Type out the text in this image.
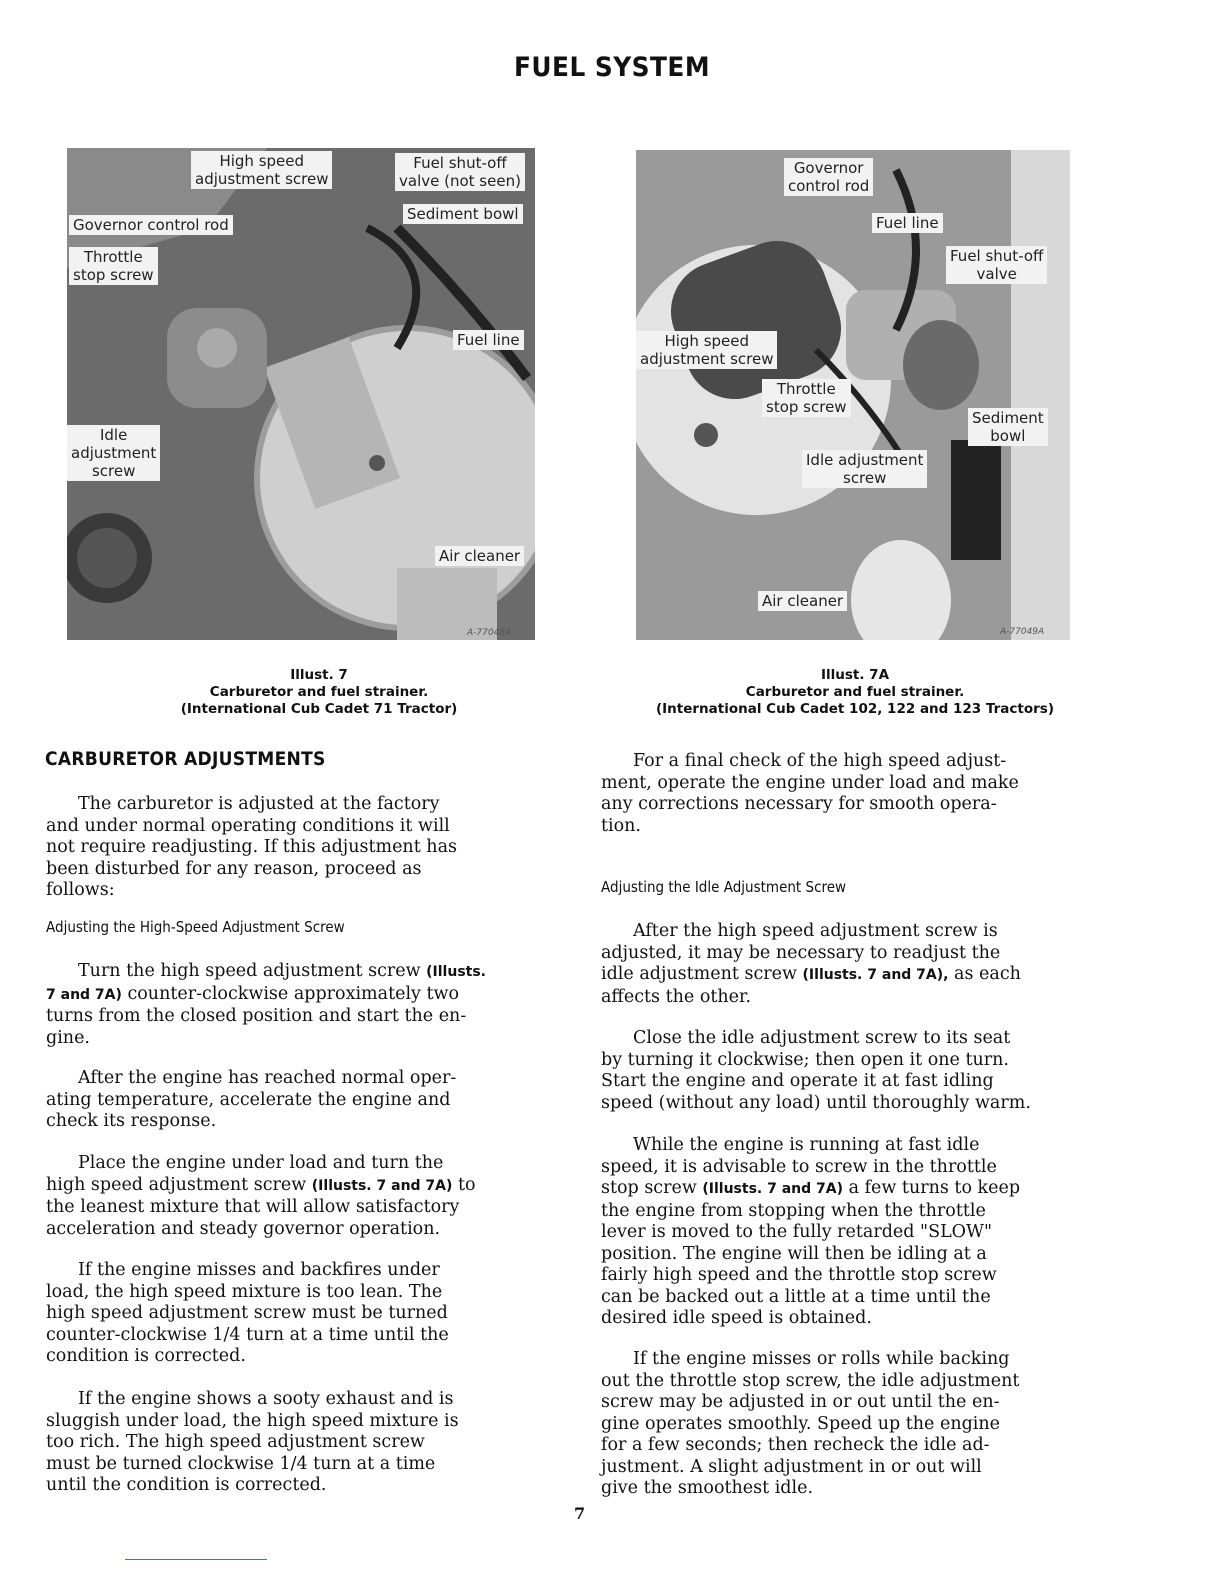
FUEL SYSTEM
High speed
adjustment screw
Fuel shut-off
valve (not seen)
Sediment bowl
Governor control rod
Throttle
stop screw
Fuel line
Idle
adjustment
screw
Air cleaner
A-77048A
Governor
control rod
Fuel line
Fuel shut-off
valve
High speed
adjustment screw
Throttle
stop screw
Sediment
bowl
Idle adjustment
screw
Air cleaner
A-77049A
Illust. 7
Carburetor and fuel strainer.
(International Cub Cadet 71 Tractor)
Illust. 7A
Carburetor and fuel strainer.
(International Cub Cadet 102, 122 and 123 Tractors)
CARBURETOR ADJUSTMENTS
The carburetor is adjusted at the factory
and under normal operating conditions it will
not require readjusting. If this adjustment has
been disturbed for any reason, proceed as
follows:
Adjusting the High-Speed Adjustment Screw
Turn the high speed adjustment screw (Illusts.
7 and 7A) counter-clockwise approximately two
turns from the closed position and start the en-
gine.
After the engine has reached normal oper-
ating temperature, accelerate the engine and
check its response.
Place the engine under load and turn the
high speed adjustment screw (Illusts. 7 and 7A) to
the leanest mixture that will allow satisfactory
acceleration and steady governor operation.
If the engine misses and backfires under
load, the high speed mixture is too lean. The
high speed adjustment screw must be turned
counter-clockwise 1/4 turn at a time until the
condition is corrected.
If the engine shows a sooty exhaust and is
sluggish under load, the high speed mixture is
too rich. The high speed adjustment screw
must be turned clockwise 1/4 turn at a time
until the condition is corrected.
For a final check of the high speed adjust-
ment, operate the engine under load and make
any corrections necessary for smooth opera-
tion.
Adjusting the Idle Adjustment Screw
After the high speed adjustment screw is
adjusted, it may be necessary to readjust the
idle adjustment screw (Illusts. 7 and 7A), as each
affects the other.
Close the idle adjustment screw to its seat
by turning it clockwise; then open it one turn.
Start the engine and operate it at fast idling
speed (without any load) until thoroughly warm.
While the engine is running at fast idle
speed, it is advisable to screw in the throttle
stop screw (Illusts. 7 and 7A) a few turns to keep
the engine from stopping when the throttle
lever is moved to the fully retarded "SLOW"
position. The engine will then be idling at a
fairly high speed and the throttle stop screw
can be backed out a little at a time until the
desired idle speed is obtained.
If the engine misses or rolls while backing
out the throttle stop screw, the idle adjustment
screw may be adjusted in or out until the en-
gine operates smoothly. Speed up the engine
for a few seconds; then recheck the idle ad-
justment. A slight adjustment in or out will
give the smoothest idle.
7
